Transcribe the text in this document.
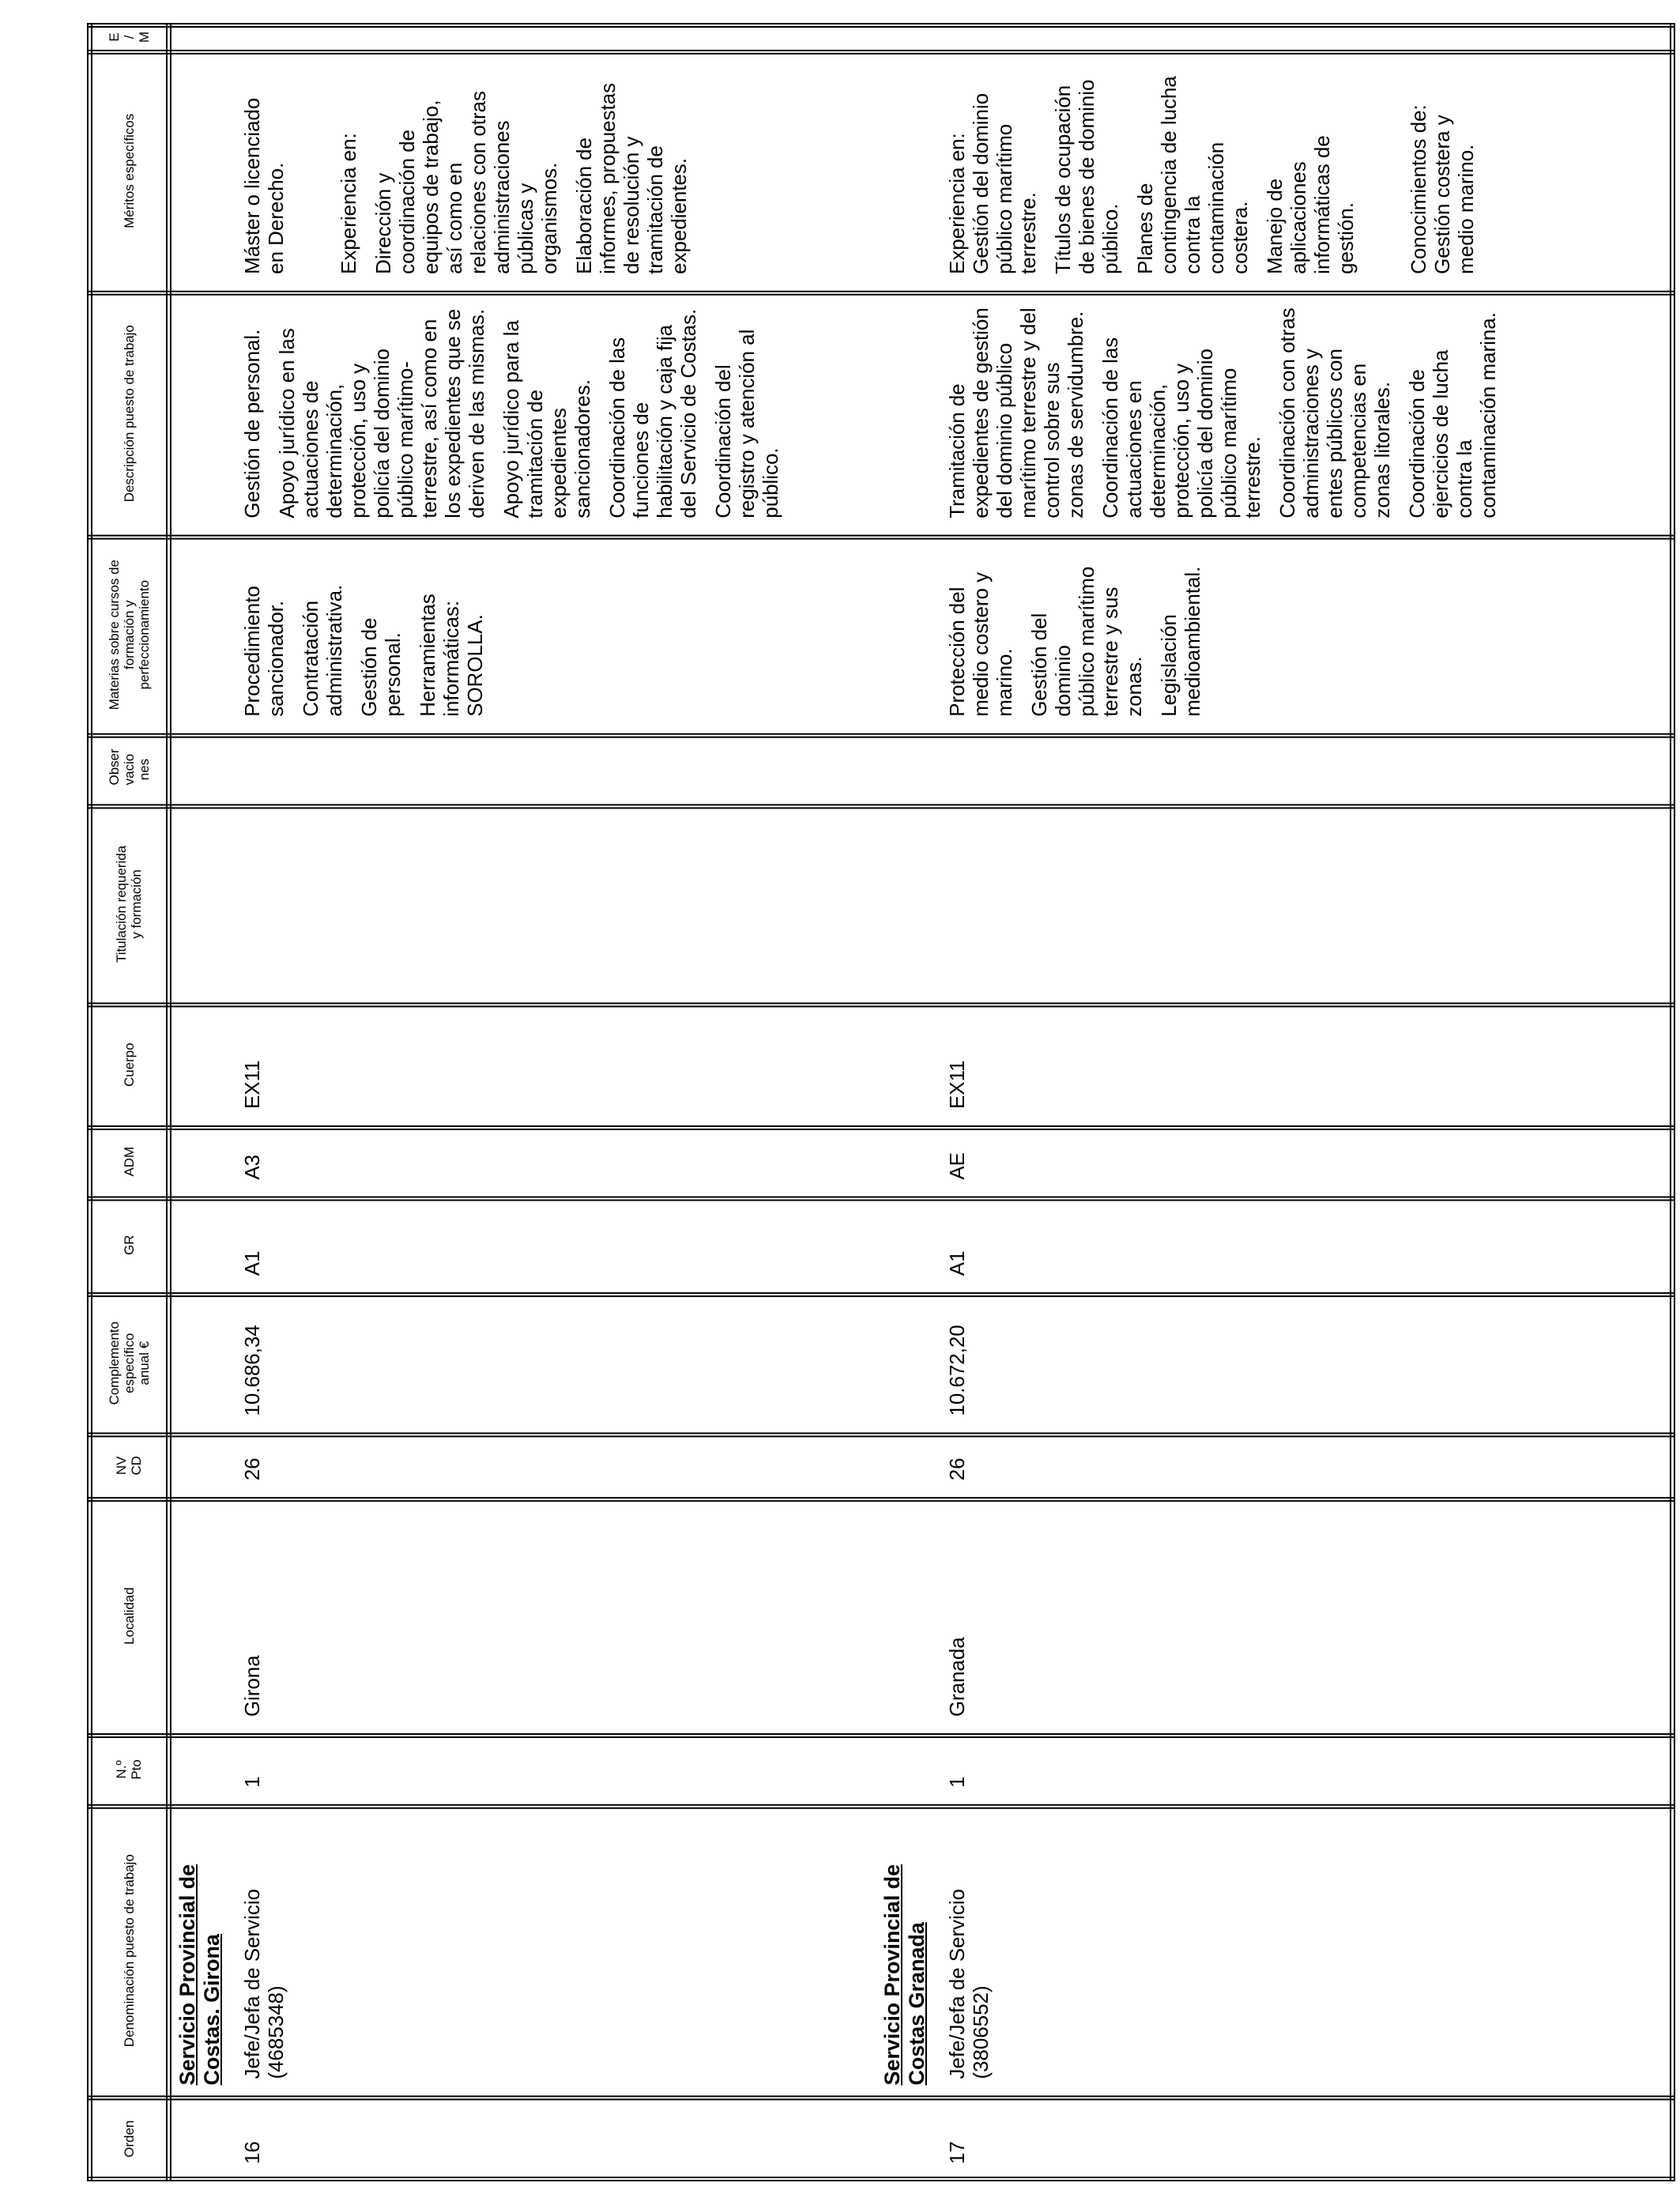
Orden
Denominación puesto de trabajo
N.º Pto
Localidad
NV CD
Complemento específico anual €
GR
ADM
Cuerpo
Titulación requerida y formación
Obser vacio nes
Materias sobre cursos de formación y perfeccionamiento
Descripción puesto de trabajo
Méritos específicos
E / M
Servicio Provincial de Costas. Girona
16
Jefe/Jefa de Servicio (4685348)
1
Girona
26
10.686,34
A1
A3
EX11
Procedimiento sancionador. Contratación administrativa. Gestión de personal. Herramientas informáticas: SOROLLA.
Gestión de personal. Apoyo jurídico en las actuaciones de determinación, protección, uso y policía del dominio público marítimo- terrestre, así como en los expedientes que se deriven de las mismas. Apoyo jurídico para la tramitación de expedientes sancionadores. Coordinación de las funciones de habilitación y caja fija del Servicio de Costas. Coordinación del registro y atención al público.
Máster o licenciado en Derecho. Experiencia en: Dirección y coordinación de equipos de trabajo, así como en relaciones con otras administraciones públicas y organismos. Elaboración de informes, propuestas de resolución y tramitación de expedientes.
Servicio Provincial de Costas Granada
17
Jefe/Jefa de Servicio (3806552)
1
Granada
26
10.672,20
A1
AE
EX11
Protección del medio costero y marino. Gestión del dominio público marítimo terrestre y sus zonas. Legislación medioambiental.
Tramitación de expedientes de gestión del dominio público marítimo terrestre y del control sobre sus zonas de servidumbre. Coordinación de las actuaciones en determinación, protección, uso y policía del dominio público marítimo terrestre. Coordinación con otras administraciones y entes públicos con competencias en zonas litorales. Coordinación de ejercicios de lucha contra la contaminación marina.
Experiencia en: Gestión del dominio público marítimo terrestre. Títulos de ocupación de bienes de dominio público. Planes de contingencia de lucha contra la contaminación costera. Manejo de aplicaciones informáticas de gestión. Conocimientos de: Gestión costera y medio marino.
